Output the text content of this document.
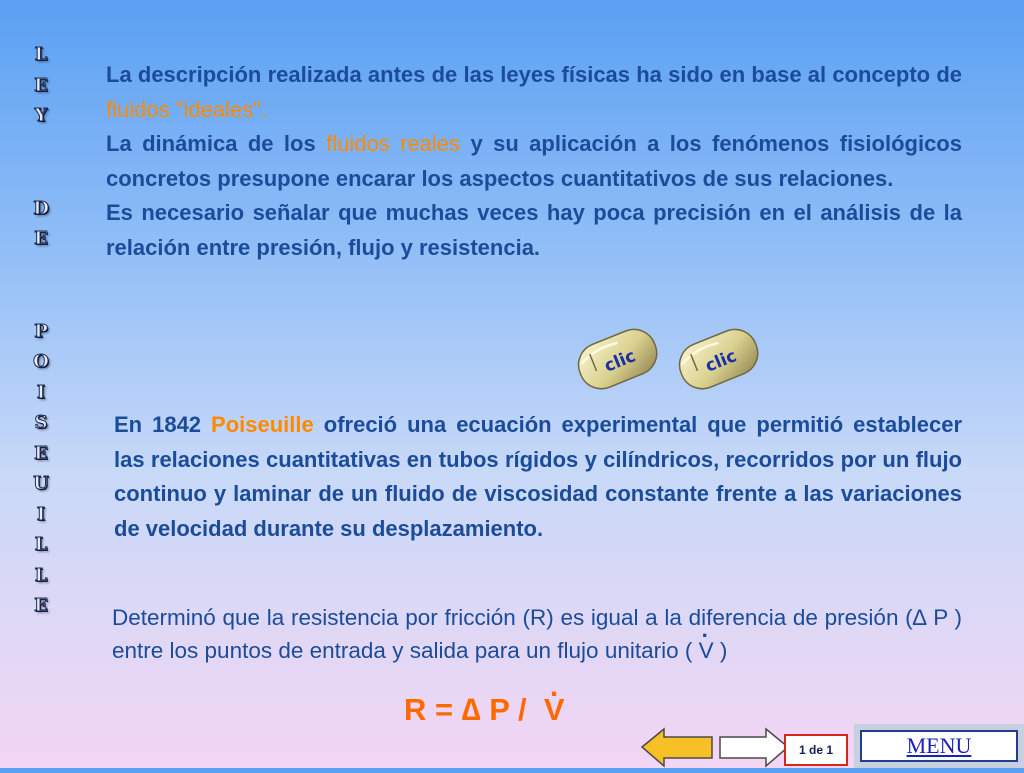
L
E
Y
D
E
P
O
I
S
E
U
I
L
L
E
La descripción realizada antes de las leyes físicas ha sido en base al concepto de fluidos "ideales".
La dinámica de los fluidos reales y su aplicación a los fenómenos fisiológicos concretos presupone encarar los aspectos cuantitativos de sus relaciones.
Es necesario señalar que muchas veces hay poca precisión en el análisis de la relación entre presión, flujo y resistencia.
clic	clic
En 1842 Poiseuille ofreció una ecuación experimental que permitió establecer las relaciones cuantitativas en tubos rígidos y cilíndricos, recorridos por un flujo continuo y laminar de un fluido de viscosidad constante frente a las variaciones de velocidad durante su desplazamiento.
Determinó que la resistencia por fricción (R) es igual a la diferencia de presión (∆ P ) entre los puntos de entrada y salida para un flujo unitario ( . V )
R = ∆ P /  . V
1 de 1	MENU
